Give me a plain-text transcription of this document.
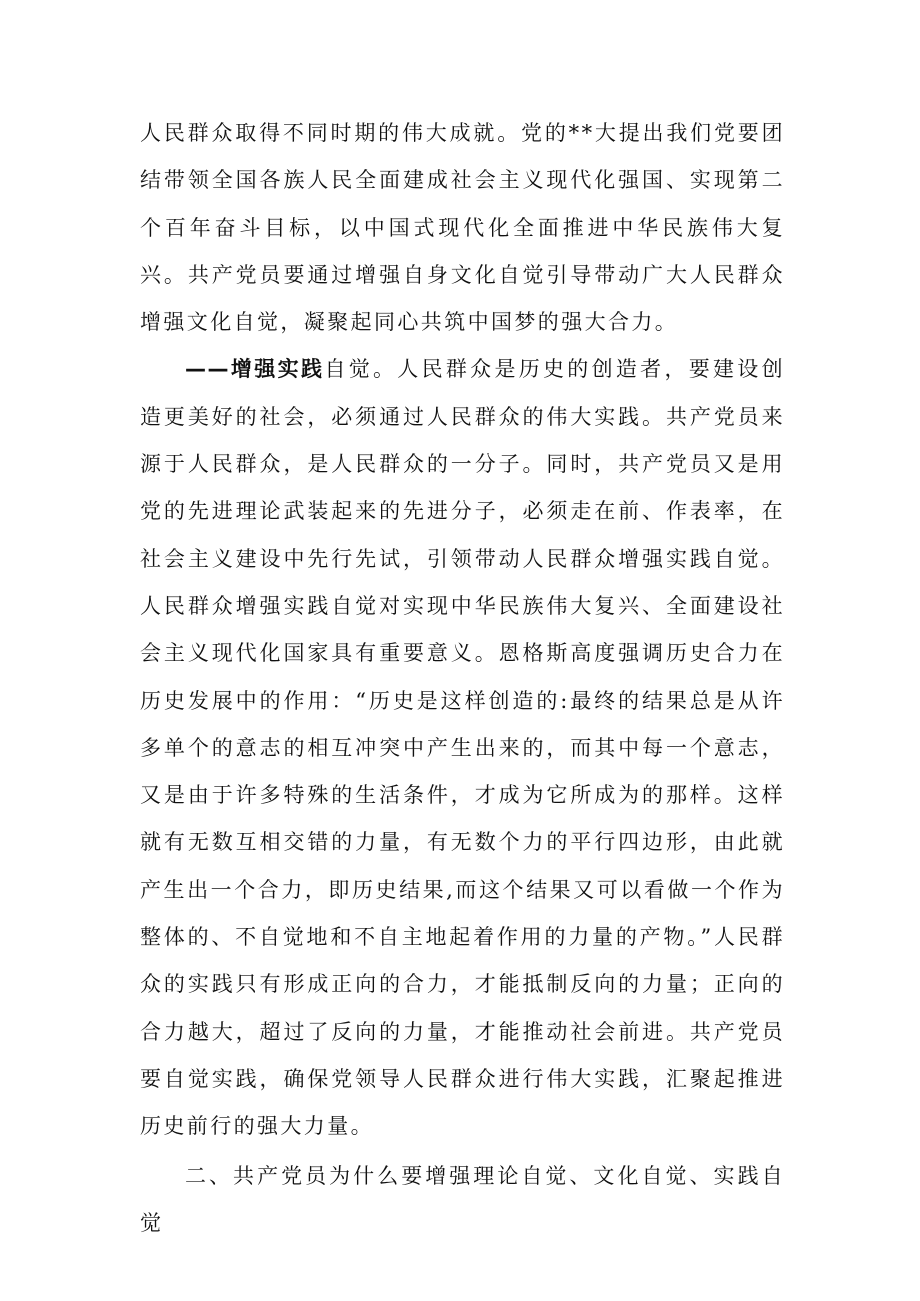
人民群众取得不同时期的伟大成就。党的**大提出我们党要团结带领全国各族人民全面建成社会主义现代化强国、实现第二个百年奋斗目标，以中国式现代化全面推进中华民族伟大复兴。共产党员要通过增强自身文化自觉引导带动广大人民群众增强文化自觉，凝聚起同心共筑中国梦的强大合力。

——增强实践自觉。人民群众是历史的创造者，要建设创造更美好的社会，必须通过人民群众的伟大实践。共产党员来源于人民群众，是人民群众的一分子。同时，共产党员又是用党的先进理论武装起来的先进分子，必须走在前、作表率，在社会主义建设中先行先试，引领带动人民群众增强实践自觉。人民群众增强实践自觉对实现中华民族伟大复兴、全面建设社会主义现代化国家具有重要意义。恩格斯高度强调历史合力在历史发展中的作用：“历史是这样创造的:最终的结果总是从许多单个的意志的相互冲突中产生出来的，而其中每一个意志，又是由于许多特殊的生活条件，才成为它所成为的那样。这样就有无数互相交错的力量，有无数个力的平行四边形，由此就产生出一个合力，即历史结果,而这个结果又可以看做一个作为整体的、不自觉地和不自主地起着作用的力量的产物。”人民群众的实践只有形成正向的合力，才能抵制反向的力量；正向的合力越大，超过了反向的力量，才能推动社会前进。共产党员要自觉实践，确保党领导人民群众进行伟大实践，汇聚起推进历史前行的强大力量。

二、共产党员为什么要增强理论自觉、文化自觉、实践自觉
